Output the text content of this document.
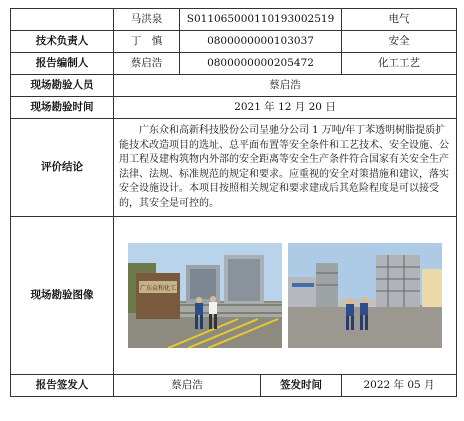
	马洪泉	S011065000110193002519		电气
技术负责人	丁　慎	0800000000103037		安全
报告编制人	蔡启浩	0800000000205472		化工工艺
现场勘验人员	蔡启浩			
现场勘验时间	2021 年 12 月 20 日			
评价结论	广东众和高新科技股份公司呈驰分公司 1 万吨/年丁苯透明树脂提质扩能技术改造项目的选址、总平面布置等安全条件和工艺技术、安全设施、公用工程及建构筑物内外部的安全距离等安全生产条件符合国家有关安全生产法律、法规、标准规范的规定和要求。应重视的安全对策措施和建议，落实安全设施设计。本项目按照相关规定和要求建成后其危险程度是可以接受的，其安全是可控的。			
现场勘验图像	广东众和化工			

报告签发人	蔡启浩		签发时间	2022 年 05 月
